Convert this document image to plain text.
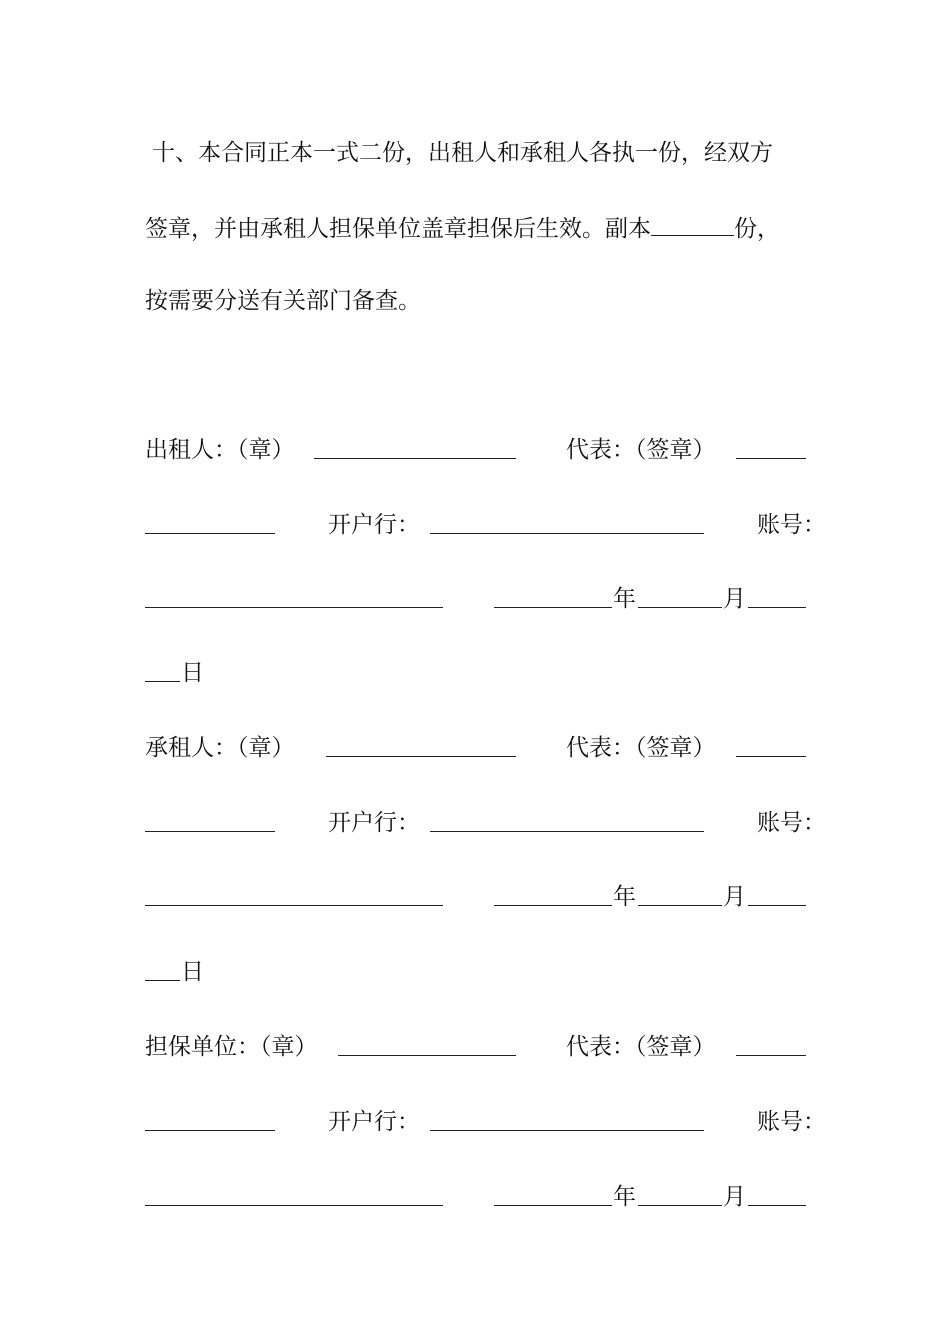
十、本合同正本一式二份，出租人和承租人各执一份，经双方
签章，并由承租人担保单位盖章担保后生效。副本	份，
按需要分送有关部门备查。
出租人：（章）	代表：（签章）
开户行：	账号：
年	月
日
承租人：（章）	代表：（签章）
开户行：	账号：
年	月
日
担保单位：（章）	代表：（签章）
开户行：	账号：
年	月
